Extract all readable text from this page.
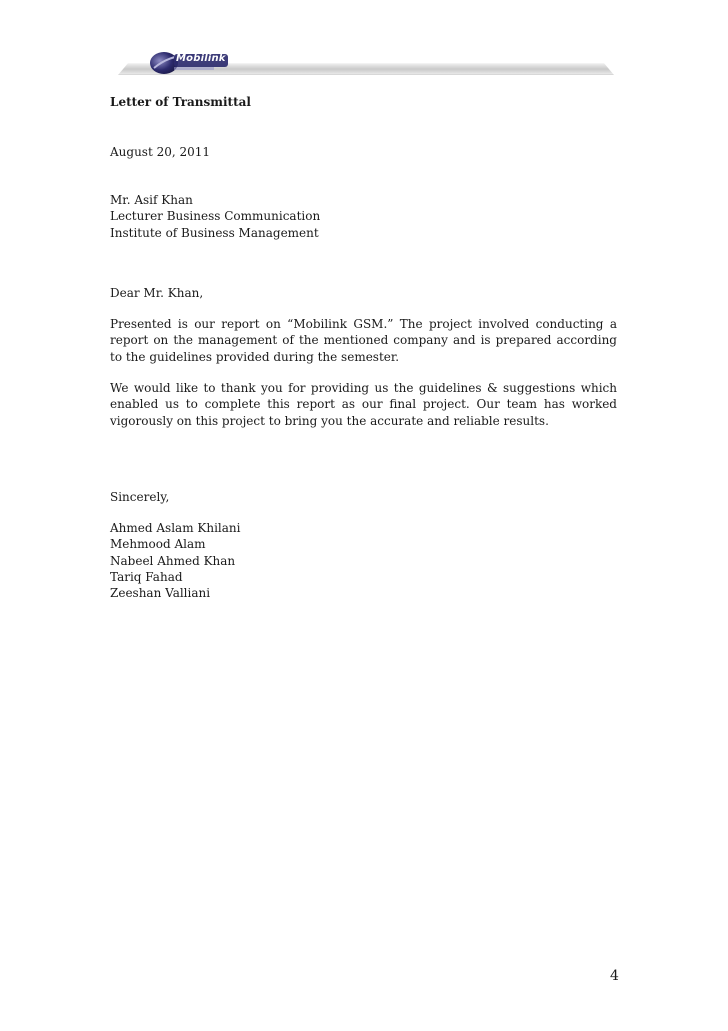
Mobilink
Letter of Transmittal
August 20, 2011
Mr. Asif Khan
Lecturer Business Communication
Institute of Business Management
Dear Mr. Khan,
Presented is our report on “Mobilink GSM.” The project involved conducting a report on the management of the mentioned company and is prepared according to the guidelines provided during the semester.
We would like to thank you for providing us the guidelines & suggestions which enabled us to complete this report as our final project. Our team has worked vigorously on this project to bring you the accurate and reliable results.
Sincerely,
Ahmed Aslam Khilani
Mehmood Alam
Nabeel Ahmed Khan
Tariq Fahad
Zeeshan Valliani
4
